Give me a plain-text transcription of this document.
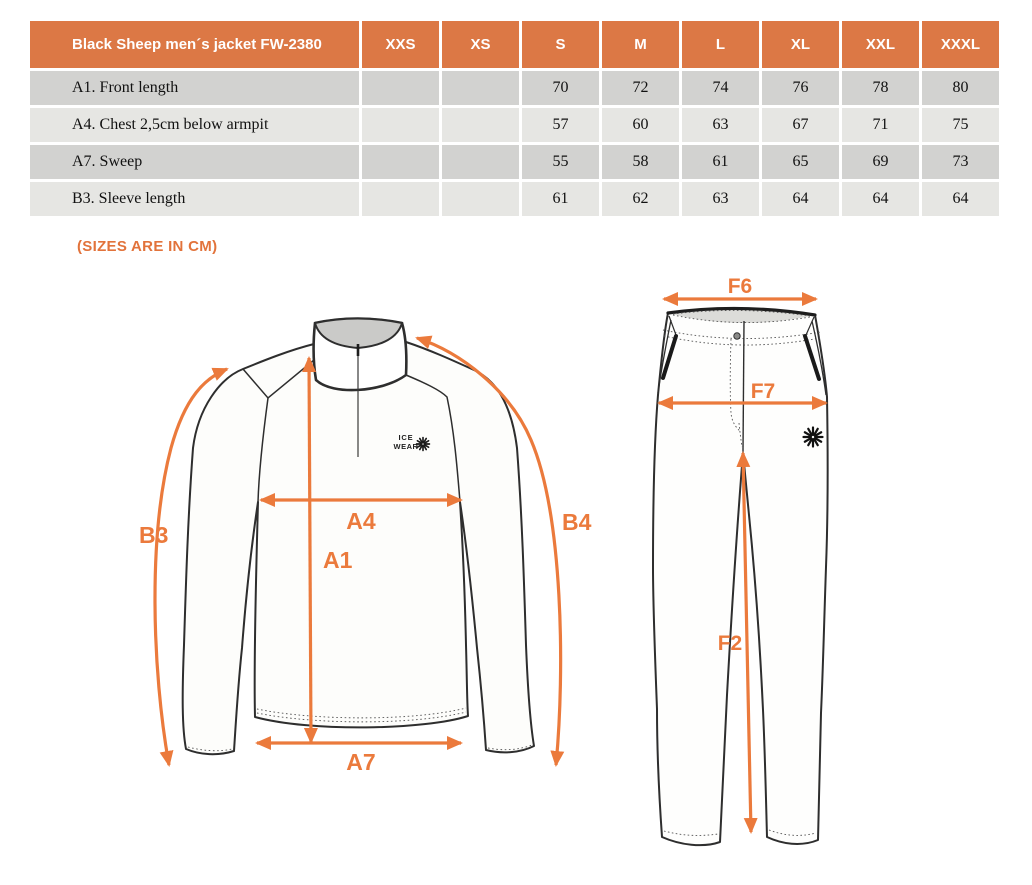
Black Sheep men´s jacket FW-2380	XXS	XS	S	M	L	XL	XXL	XXXL
A1. Front length			70	72	74	76	78	80
A4. Chest 2,5cm below armpit			57	60	63	67	71	75
A7. Sweep			55	58	61	65	69	73
B3. Sleeve length			61	62	63	64	64	64
(SIZES ARE IN CM)
ICE
WEAR
B3
A4
A1
A7
B4
F6
F7
F2
